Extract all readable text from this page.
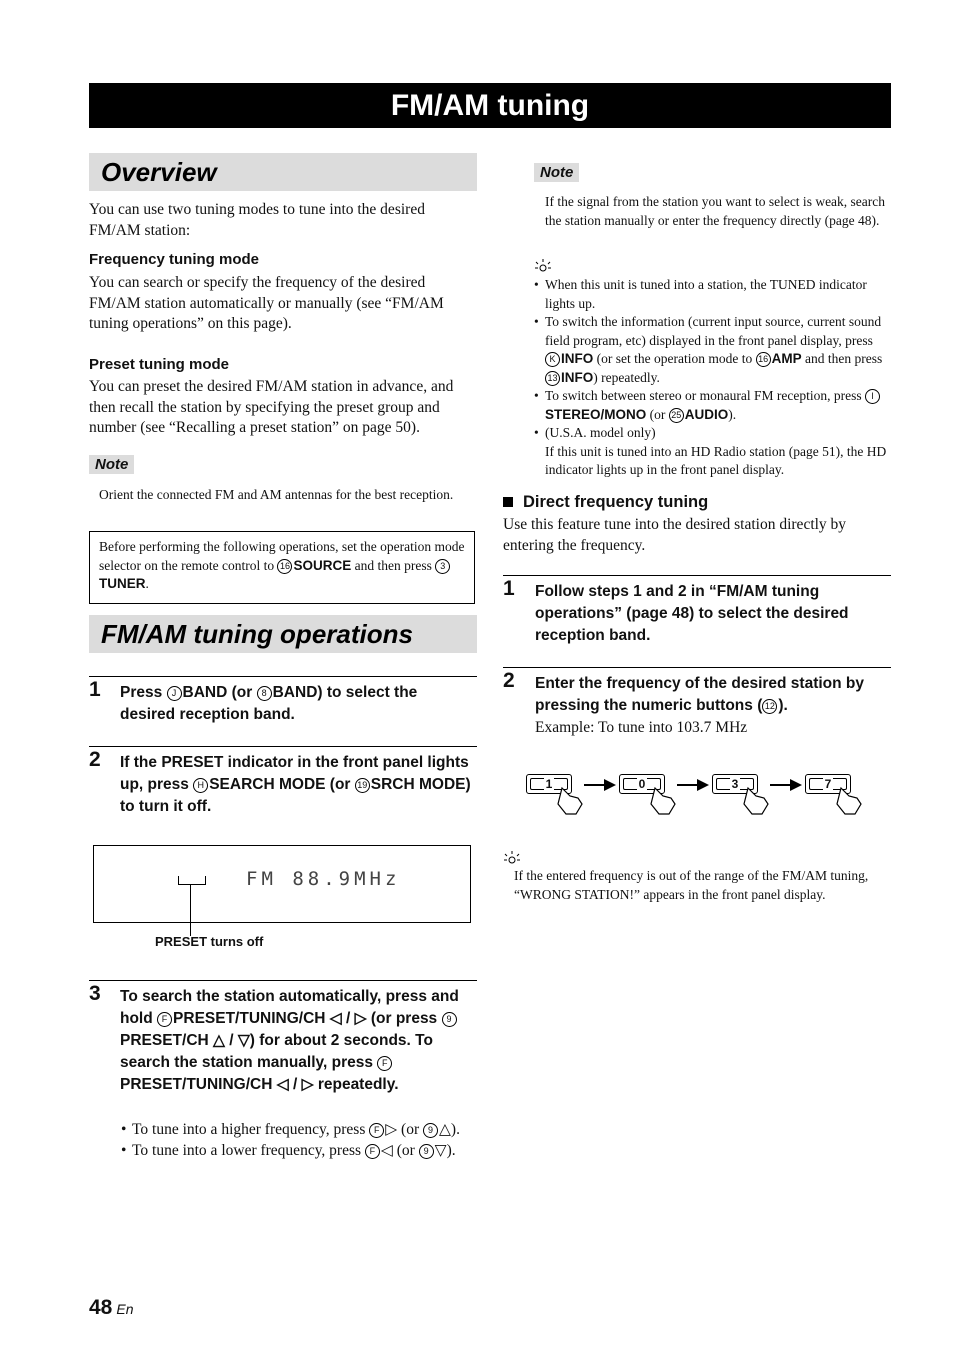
FM/AM tuning
Overview
You can use two tuning modes to tune into the desired FM/AM station:
Frequency tuning mode
You can search or specify the frequency of the desired FM/AM station automatically or manually (see “FM/AM tuning operations” on this page).
Preset tuning mode
You can preset the desired FM/AM station in advance, and then recall the station by specifying the preset group and number (see “Recalling a preset station” on page 50).
Note
Orient the connected FM and AM antennas for the best reception.
Before performing the following operations, set the operation mode selector on the remote control to 16 SOURCE and then press 3TUNER.
FM/AM tuning operations
1 Press J BAND (or 8 BAND) to select the desired reception band.
2 If the PRESET indicator in the front panel lights up, press H SEARCH MODE (or 19 SRCH MODE) to turn it off.
FM 88.9MHz
PRESET turns off
3 To search the station automatically, press and hold F PRESET/TUNING/CH ◁ / ▷ (or press 9PRESET/CH △ / ▽) for about 2 seconds. To search the station manually, press FPRESET/TUNING/CH ◁ / ▷ repeatedly.
• To tune into a higher frequency, press F ▷ (or 9 △).
• To tune into a lower frequency, press F ◁ (or 9 ▽).
Note
If the signal from the station you want to select is weak, search the station manually or enter the frequency directly (page 48).
• When this unit is tuned into a station, the TUNED indicator lights up.
• To switch the information (current input source, current sound field program, etc) displayed in the front panel display, press K INFO (or set the operation mode to 16 AMP and then press 13 INFO) repeatedly.
• To switch between stereo or monaural FM reception, press ISTEREO/MONO (or 25 AUDIO).
• (U.S.A. model only)
If this unit is tuned into an HD Radio station (page 51), the HD indicator lights up in the front panel display.
Direct frequency tuning
Use this feature tune into the desired station directly by entering the frequency.
1 Follow steps 1 and 2 in “FM/AM tuning operations” (page 48) to select the desired reception band.
2 Enter the frequency of the desired station by pressing the numeric buttons ( 12 ).
Example: To tune into 103.7 MHz
1	0	3	7
If the entered frequency is out of the range of the FM/AM tuning, “WRONG STATION!” appears in the front panel display.
48 En
